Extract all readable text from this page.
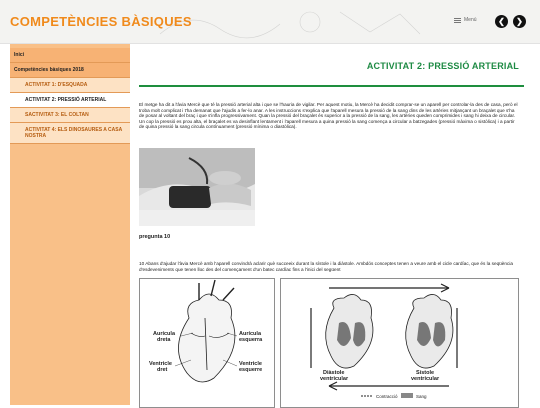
COMPETÈNCIES BÀSIQUES	Menú	❮	❯
Inici
Competències bàsiques 2018
ACTIVITAT 1: D'ESQUADA
ACTIVITAT 2: PRESSIÓ ARTERIAL
SACTIVITAT 3: EL COLTAN
ACTIVITAT 4: ELS DINOSAURES A CASA NOSTRA
ACTIVITAT 2: PRESSIÓ ARTERIAL
El metge ha dit a l'àvia Mercè que té la pressió arterial alta i que se l'hauria de vigilar. Per aquest motiu, la Mercè ha decidit comprar-se un aparell per controlar-la des de casa, però el troba molt complicat i t'ha demanat que l'ajudis a fer-lo anar. A les instruccions s'explica que l'aparell mesura la pressió de la sang dins de les artèries mitjançant un braçalet que s'ha de posar al voltant del braç i que s'infla progressivament. Quan la pressió del braçalet és superior a la pressió de la sang, les artèries queden comprimides i sang hi deixa de circular. Un cop la pressió es prou alta, el braçalet es va desinflant lentament i l'aparell mesura a quina pressió la sang comença a circular a batzegades (pressió màxima o sistòlica) i a partir de quina pressió la sang circula contínuament (pressió mínima o diastòlica).
pregunta 10
10 Abans d'ajudar l'àvia Mercè amb l'aparell convindrà aclarir què succeeix durant la sístole i la diàstole. Ambdós conceptes tenen a veure amb el cicle cardíac, que és la seqüència d'esdeveniments que tenen lloc des del començament d'un batec cardíac fins a l'inici del següent
Aurícula
dreta
Aurícula
esquerra
Ventricle
dret
Ventricle
esquerre	Diàstole
ventricular
Sístole
ventricular
Contracció	Sang
